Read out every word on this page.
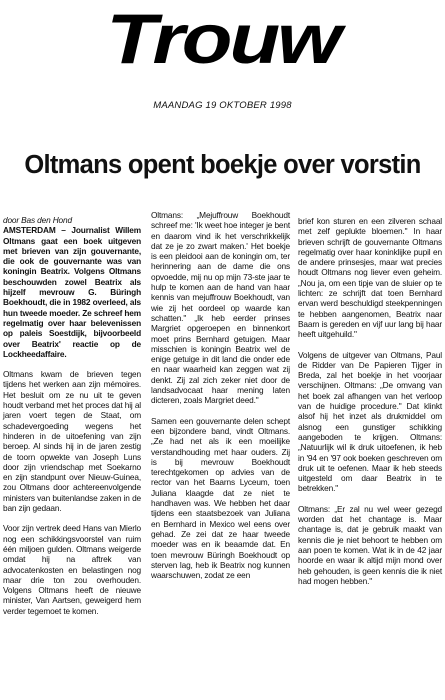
Trouw
MAANDAG 19 OKTOBER 1998
Oltmans opent boekje over vorstin

door Bas den Hond

AMSTERDAM – Journalist Willem Oltmans gaat een boek uitgeven met brieven van zijn gouvernante, die ook de gouvernante was van koningin Beatrix. Volgens Oltmans beschouwden zowel Beatrix als hijzelf mevrouw G. Büringh Boekhoudt, die in 1982 overleed, als hun tweede moeder. Ze schreef hem regelmatig over haar belevenissen op paleis Soestdijk, bijvoorbeeld over Beatrix' reactie op de Lockheedaffaire.

Oltmans kwam de brieven tegen tijdens het werken aan zijn mémoires. Het besluit om ze nu uit te geven houdt verband met het proces dat hij al jaren voert tegen de Staat, om schadevergoeding wegens het hinderen in de uitoefening van zijn beroep. Al sinds hij in de jaren zestig de toorn opwekte van Joseph Luns door zijn vriendschap met Soekarno en zijn standpunt over Nieuw-Guinea, zou Oltmans door achtereenvolgende ministers van buitenlandse zaken in de ban zijn gedaan.

Voor zijn vertrek deed Hans van Mierlo nog een schikkingsvoorstel van ruim één miljoen gulden. Oltmans weigerde omdat hij na aftrek van advocatenkosten en belastingen nog maar drie ton zou overhouden. Volgens Oltmans heeft de nieuwe minister, Van Aartsen, geweigerd hem verder tegemoet te komen.

Oltmans: „Mejuffrouw Boekhoudt schreef me: 'Ik weet hoe integer je bent en daarom vind ik het verschrikkelijk dat ze je zo zwart maken.' Het boekje is een pleidooi aan de koningin om, ter herinnering aan de dame die ons opvoedde, mij nu op mijn 73-ste jaar te hulp te komen aan de hand van haar kennis van mejuffrouw Boekhoudt, van wie zij het oordeel op waarde kan schatten." „Ik heb eerder prinses Margriet opgeroepen en binnenkort moet prins Bernhard getuigen. Maar misschien is koningin Beatrix wel de enige getuige in dit land die onder ede en naar waarheid kan zeggen wat zij denkt. Zij zal zich zeker niet door de landsadvocaat haar mening laten dicteren, zoals Margriet deed."

Samen een gouvernante delen schept een bijzondere band, vindt Oltmans. „Ze had net als ik een moeilijke verstandhouding met haar ouders. Zij is bij mevrouw Boekhoudt terechtgekomen op advies van de rector van het Baarns Lyceum, toen Juliana klaagde dat ze niet te handhaven was. We hebben het daar tijdens een staatsbezoek van Juliana en Bernhard in Mexico wel eens over gehad. Ze zei dat ze haar tweede moeder was en ik beaamde dat. En toen mevrouw Büringh Boekhoudt op sterven lag, heb ik Beatrix nog kunnen waarschuwen, zodat ze een

brief kon sturen en een zilveren schaal met zelf geplukte bloemen." In haar brieven schrijft de gouvernante Oltmans regelmatig over haar koninklijke pupil en de andere prinsesjes, maar wat precies houdt Oltmans nog liever even geheim. „Nou ja, om een tipje van de sluier op te lichten: ze schrijft dat toen Bernhard ervan werd beschuldigd steekpenningen te hebben aangenomen, Beatrix naar Baarn is gereden en vijf uur lang bij haar heeft uitgehuild."

Volgens de uitgever van Oltmans, Paul de Ridder van De Papieren Tijger in Breda, zal het boekje in het voorjaar verschijnen. Oltmans: „De omvang van het boek zal afhangen van het verloop van de huidige procedure." Dat klinkt alsof hij het inzet als drukmiddel om alsnog een gunstiger schikking aangeboden te krijgen. Oltmans: „Natuurlijk wil ik druk uitoefenen, ik heb in '94 en '97 ook boeken geschreven om druk uit te oefenen. Maar ik heb steeds uitgesteld om daar Beatrix in te betrekken."

Oltmans: „Er zal nu wel weer gezegd worden dat het chantage is. Maar chantage is, dat je gebruik maakt van kennis die je niet behoort te hebben om aan poen te komen. Wat ik in de 42 jaar hoorde en waar ik altijd mijn mond over heb gehouden, is geen kennis die ik niet had mogen hebben."
